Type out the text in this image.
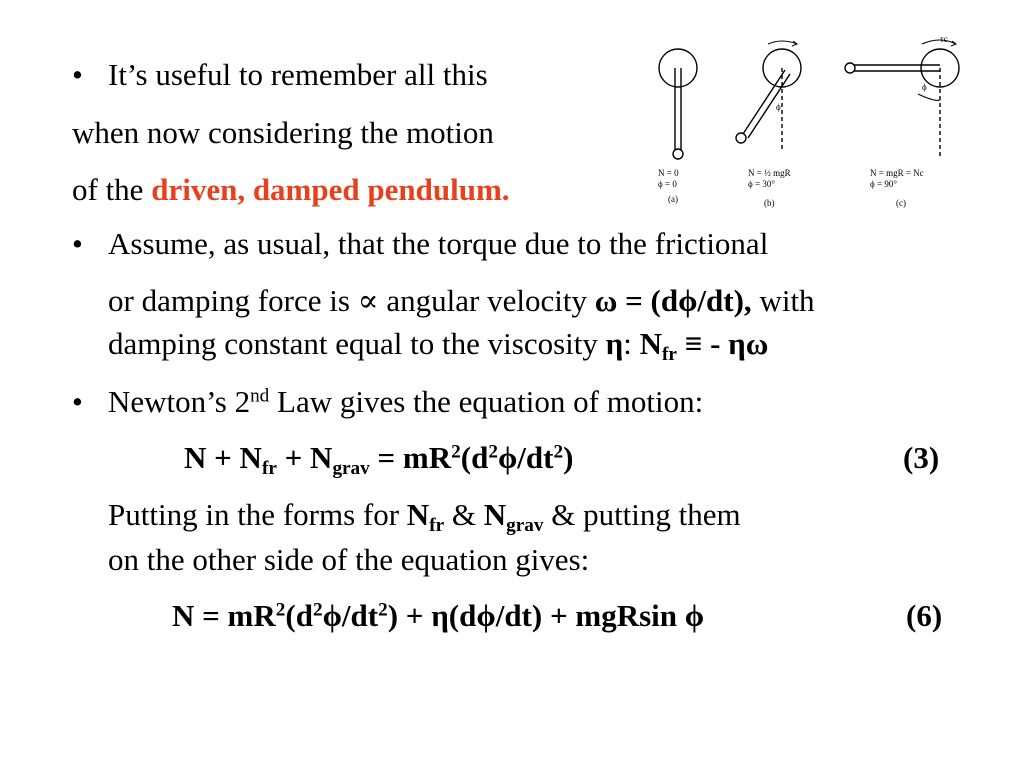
• It’s useful to remember all this
when now considering the motion
of the driven, damped pendulum.
ϕ
ϕ
τc
N = 0
ϕ = 0
(a)
N = ½ mgR
ϕ = 30°
(b)
N = mgR = Nc
ϕ = 90°
(c)
• Assume, as usual, that the torque due to the frictional
or damping force is ∝ angular velocity ω = (dϕ/dt), with
damping constant equal to the viscosity η: $N_{fr}$ ≡ - ηω
• Newton’s 2nd Law gives the equation of motion:
$N + N_{fr} + N_{grav} = mR^2(d^2\phi/dt^2)$	(3)
Putting in the forms for $N_{fr}$ & $N_{grav}$ & putting them
on the other side of the equation gives:
$N = mR^2(d^2\phi/dt^2) + \eta(d\phi/dt) + mgRsin$ ϕ	(6)
